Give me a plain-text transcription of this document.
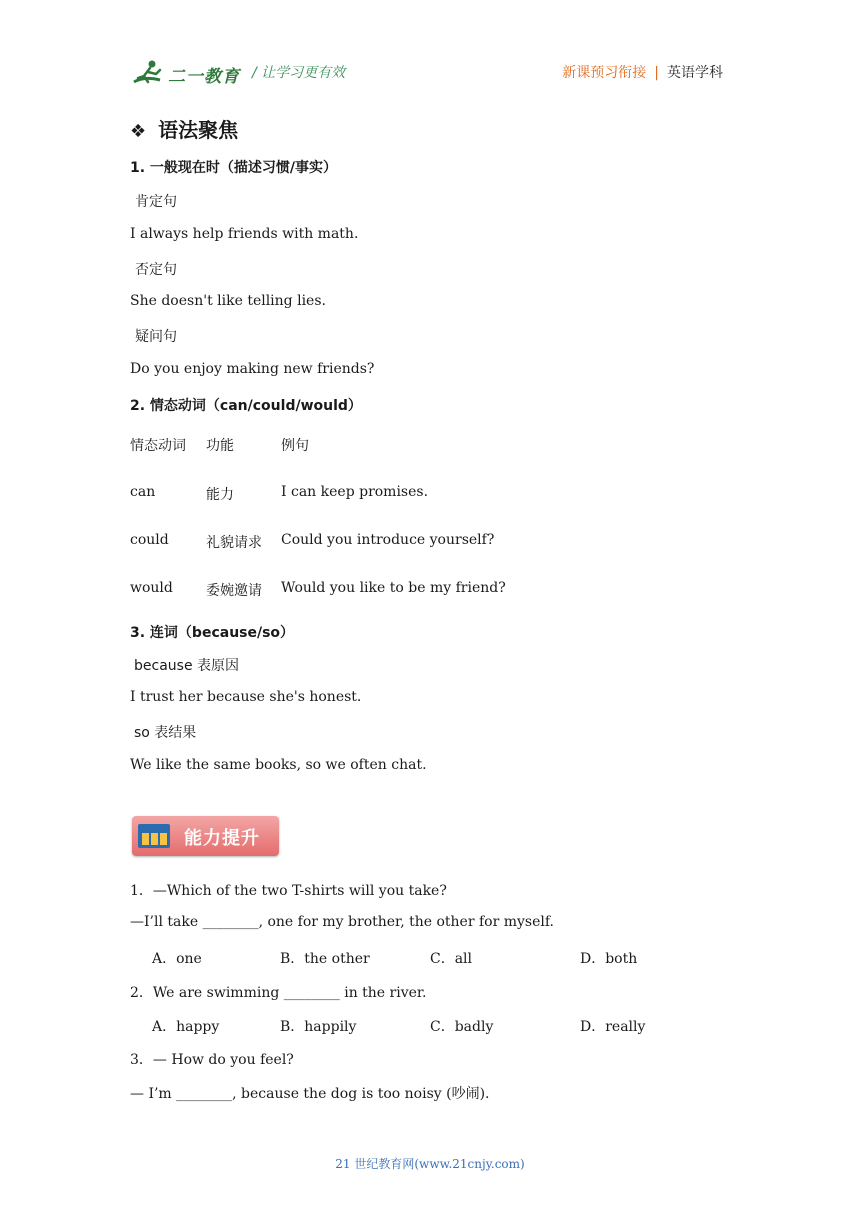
二一教育 / 让学习更有效	新课预习衔接 | 英语学科
❖ 语法聚焦
1. 一般现在时（描述习惯/事实）
肯定句
I always help friends with math.
否定句
She doesn't like telling lies.
疑问句
Do you enjoy making new friends?
2. 情态动词（can/could/would）
情态动词 功能	例句
can	能力	I can keep promises.
could	礼貌请求 Could you introduce yourself?
would 委婉邀请 Would you like to be my friend?
3. 连词（because/so）
because 表原因
I trust her because she's honest.
so 表结果
We like the same books, so we often chat.
能力提升
1．—Which of the two T-shirts will you take?
—I’ll take ________, one for my brother, the other for myself.
A．one	B．the other	C．all	D．both
2．We are swimming ________ in the river.
A．happy	B．happily	C．badly	D．really
3．— How do you feel?
— I’m ________, because the dog is too noisy (吵闹).
21 世纪教育网(www.21cnjy.com)
